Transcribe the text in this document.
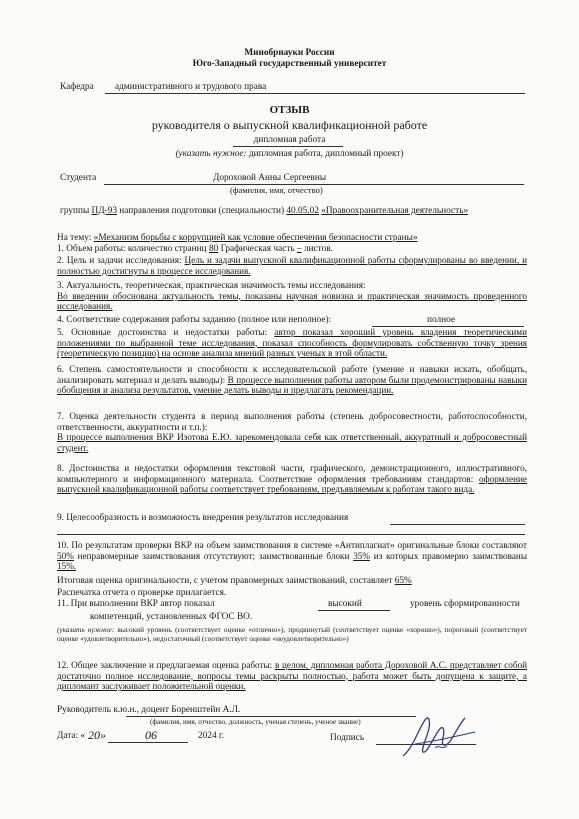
Минобрнауки России
Юго-Западный государственный университет
Кафедра административного и трудового права
ОТЗЫВ
руководителя о выпускной квалификационной работе
дипломная работа
(указать нужное: дипломная работа, дипломный проект)
Студента	Дороховой Анны Сергеевны
(фамилия, имя, отчество)
группы ПД-93 направления подготовки (специальности) 40.05.02 «Правоохранительная деятельность»
На тему: «Механизм борьбы с коррупцией как условие обеспечения безопасности страны»
1. Объем работы: количество страниц 80 Графическая часть – листов.
2. Цель и задачи исследования: Цель и задачи выпускной квалификационной работы сформулированы во введении, и полностью достигнуты в процессе исследования.
3. Актуальность, теоретическая, практическая значимость темы исследования:
Во введении обоснована актуальность темы, показаны научная новизна и практическая значимость проведенного исследования.
4. Соответствие содержания работы заданию (полное или неполное):	полное
5. Основные достоинства и недостатки работы: автор показал хороший уровень владения теоретическими положениями по выбранной теме исследования, показал способность формулировать собственную точку зрения (теоретическую позицию) на основе анализа мнений разных ученых в этой области.
6. Степень самостоятельности и способности к исследовательской работе (умение и навыки искать, обобщать, анализировать материал и делать выводы): В процессе выполнения работы автором были продемонстрированы навыки обобщения и анализа результатов, умение делать выводы и предлагать рекомендации.
7. Оценка деятельности студента в период выполнения работы (степень добросовестности, работоспособности, ответственности, аккуратности и т.п.):
В процессе выполнения ВКР Изотова Е.Ю. зарекомендовала себя как ответственный, аккуратный и добросовестный студент.
8. Достоинства и недостатки оформления текстовой части, графического, демонстрационного, иллюстративного, компьютерного и информационного материала. Соответствие оформления требованиям стандартов: оформление выпускной квалификационной работы соответствует требованиям, предъявляемым к работам такого вида.
9. Целесообразность и возможность внедрения результатов исследования
10. По результатам проверки ВКР на объем заимствования в системе «Антиплагиат» оригинальные блоки составляют 50% неправомерные заимствования отсутствуют; заимствованные блоки 35% из которых правомерно заимствованы 15%.
Итоговая оценка оригинальности, с учетом правомерных заимствований, составляет 65%
Распечатка отчета о проверке прилагается.
11. При выполнении ВКР автор показал	высокий	уровень сформированности
компетенций, установленных ФГОС ВО.
(указать нужное: высокий уровень (соответствует оценке «отлично»), продвинутый (соответствует оценке «хорошо»), пороговый (соответствует оценке «удовлетворительно»), недостаточный (соответствует оценке «неудовлетворительно»)
12. Общее заключение и предлагаемая оценка работы: в целом, дипломная работа Дороховой А.С. представляет собой достаточно полное исследование, вопросы темы раскрыты полностью, работа может быть допущена к защите, а дипломант заслуживает положительной оценки.
Руководитель к.ю.н., доцент Боренштейн А.Л.
(фамилия, имя, отчество, должность, ученая степень, ученое звание)
Дата: « 20»	06	2024 г.	Подпись
